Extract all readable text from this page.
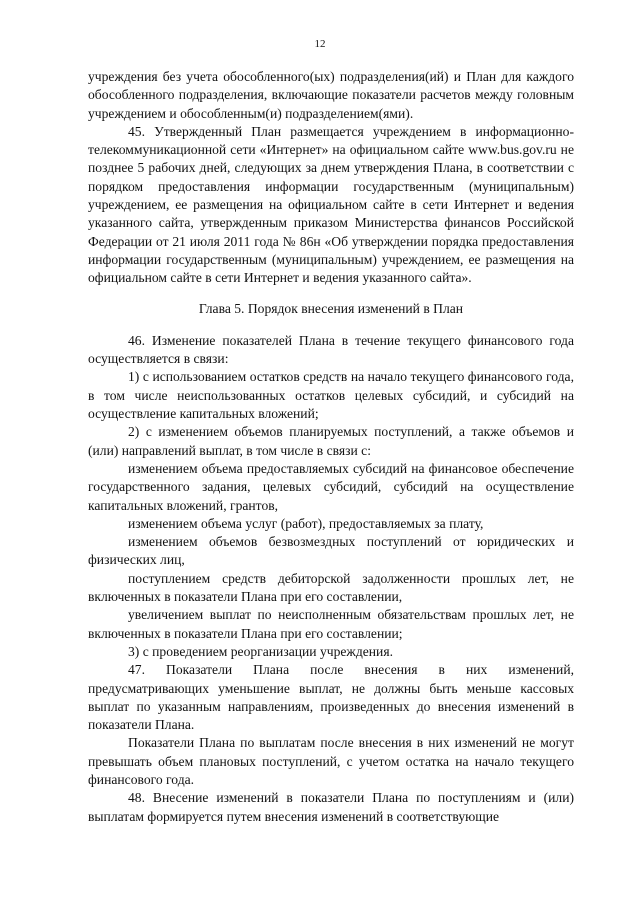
12

учреждения без учета обособленного(ых) подразделения(ий) и План для каждого обособленного подразделения, включающие показатели расчетов между головным учреждением и обособленным(и) подразделением(ями).

45. Утвержденный План размещается учреждением в информационно-телекоммуникационной сети «Интернет» на официальном сайте www.bus.gov.ru не позднее 5 рабочих дней, следующих за днем утверждения Плана, в соответствии с порядком предоставления информации государственным (муниципальным) учреждением, ее размещения на официальном сайте в сети Интернет и ведения указанного сайта, утвержденным приказом Министерства финансов Российской Федерации от 21 июля 2011 года № 86н «Об утверждении порядка предоставления информации государственным (муниципальным) учреждением, ее размещения на официальном сайте в сети Интернет и ведения указанного сайта».

Глава 5. Порядок внесения изменений в План

46. Изменение показателей Плана в течение текущего финансового года осуществляется в связи:

1) с использованием остатков средств на начало текущего финансового года, в том числе неиспользованных остатков целевых субсидий, и субсидий на осуществление капитальных вложений;

2) с изменением объемов планируемых поступлений, а также объемов и (или) направлений выплат, в том числе в связи с:

изменением объема предоставляемых субсидий на финансовое обеспечение государственного задания, целевых субсидий, субсидий на осуществление капитальных вложений, грантов,

изменением объема услуг (работ), предоставляемых за плату,

изменением объемов безвозмездных поступлений от юридических и физических лиц,

поступлением средств дебиторской задолженности прошлых лет, не включенных в показатели Плана при его составлении,

увеличением выплат по неисполненным обязательствам прошлых лет, не включенных в показатели Плана при его составлении;

3) с проведением реорганизации учреждения.

47. Показатели Плана после внесения в них изменений, предусматривающих уменьшение выплат, не должны быть меньше кассовых выплат по указанным направлениям, произведенных до внесения изменений в показатели Плана.

Показатели Плана по выплатам после внесения в них изменений не могут превышать объем плановых поступлений, с учетом остатка на начало текущего финансового года.

48. Внесение изменений в показатели Плана по поступлениям и (или) выплатам формируется путем внесения изменений в соответствующие
